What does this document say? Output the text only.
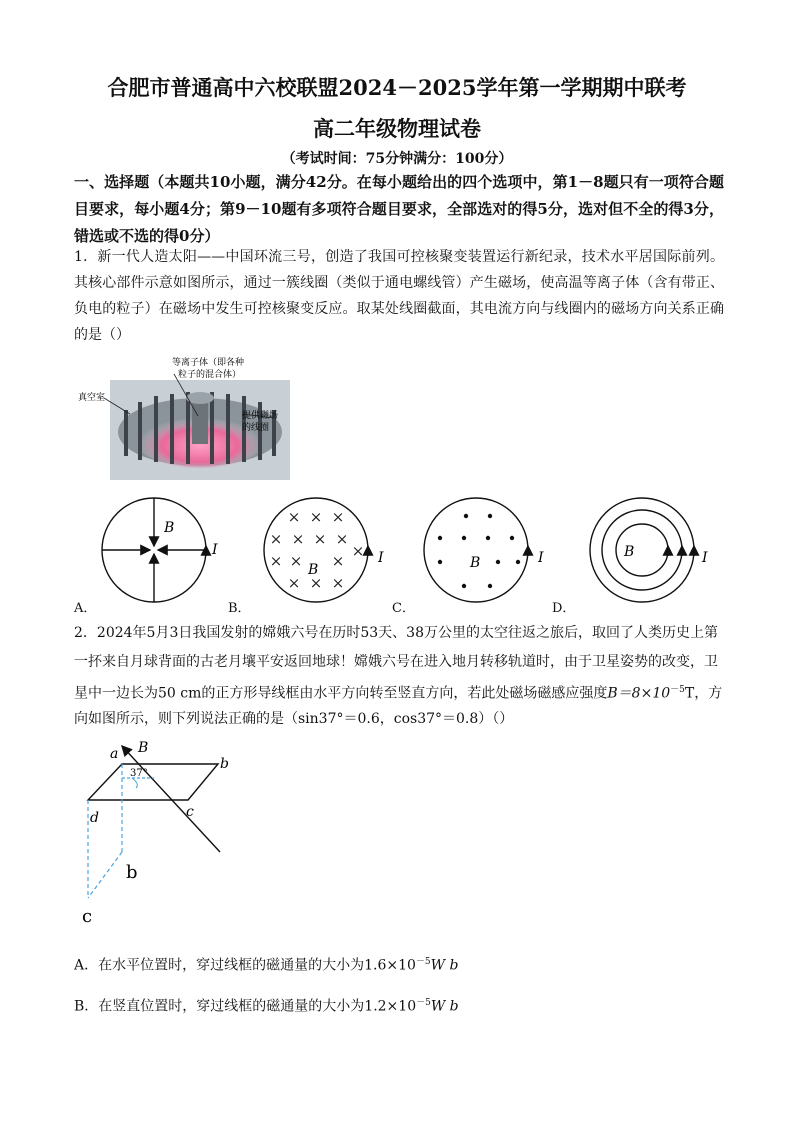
合肥市普通高中六校联盟2024－2025学年第一学期期中联考
高二年级物理试卷
（考试时间：75分钟满分：100分）
一、选择题（本题共10小题，满分42分。在每小题给出的四个选项中，第1－8题只有一项符合题目要求，每小题4分；第9－10题有多项符合题目要求，全部选对的得5分，选对但不全的得3分，错选或不选的得0分）
1．新一代人造太阳——中国环流三号，创造了我国可控核聚变装置运行新纪录，技术水平居国际前列。其核心部件示意如图所示，通过一簇线圈（类似于通电螺线管）产生磁场，使高温等离子体（含有带正、负电的粒子）在磁场中发生可控核聚变反应。取某处线圈截面，其电流方向与线圈内的磁场方向关系正确的是（）
等离子体（即各种
粒子的混合体）
真空室
提供磁场
的线圈
B
I
× × ×
× × × ×
× × ×
×
× × ×
B
I	B	I	B	I
A．	B．	C．	D．
2．2024年5月3日我国发射的嫦娥六号在历时53天、38万公里的太空往返之旅后，取回了人类历史上第
一抔来自月球背面的古老月壤平安返回地球！嫦娥六号在进入地月转移轨道时，由于卫星姿势的改变，卫
星中一边长为50 cm的正方形导线框由水平方向转至竖直方向，若此处磁场磁感应强度$B=8\times 10^{-5}T$，方
向如图所示，则下列说法正确的是（sin37°＝0.6，cos37°＝0.8）（）
a B
b
37°
c
d
b
c
A．在水平位置时，穿过线框的磁通量的大小为$1.6\times 10^{-5}W$ b
B．在竖直位置时，穿过线框的磁通量的大小为$1.2\times 10^{-5}W$ b
